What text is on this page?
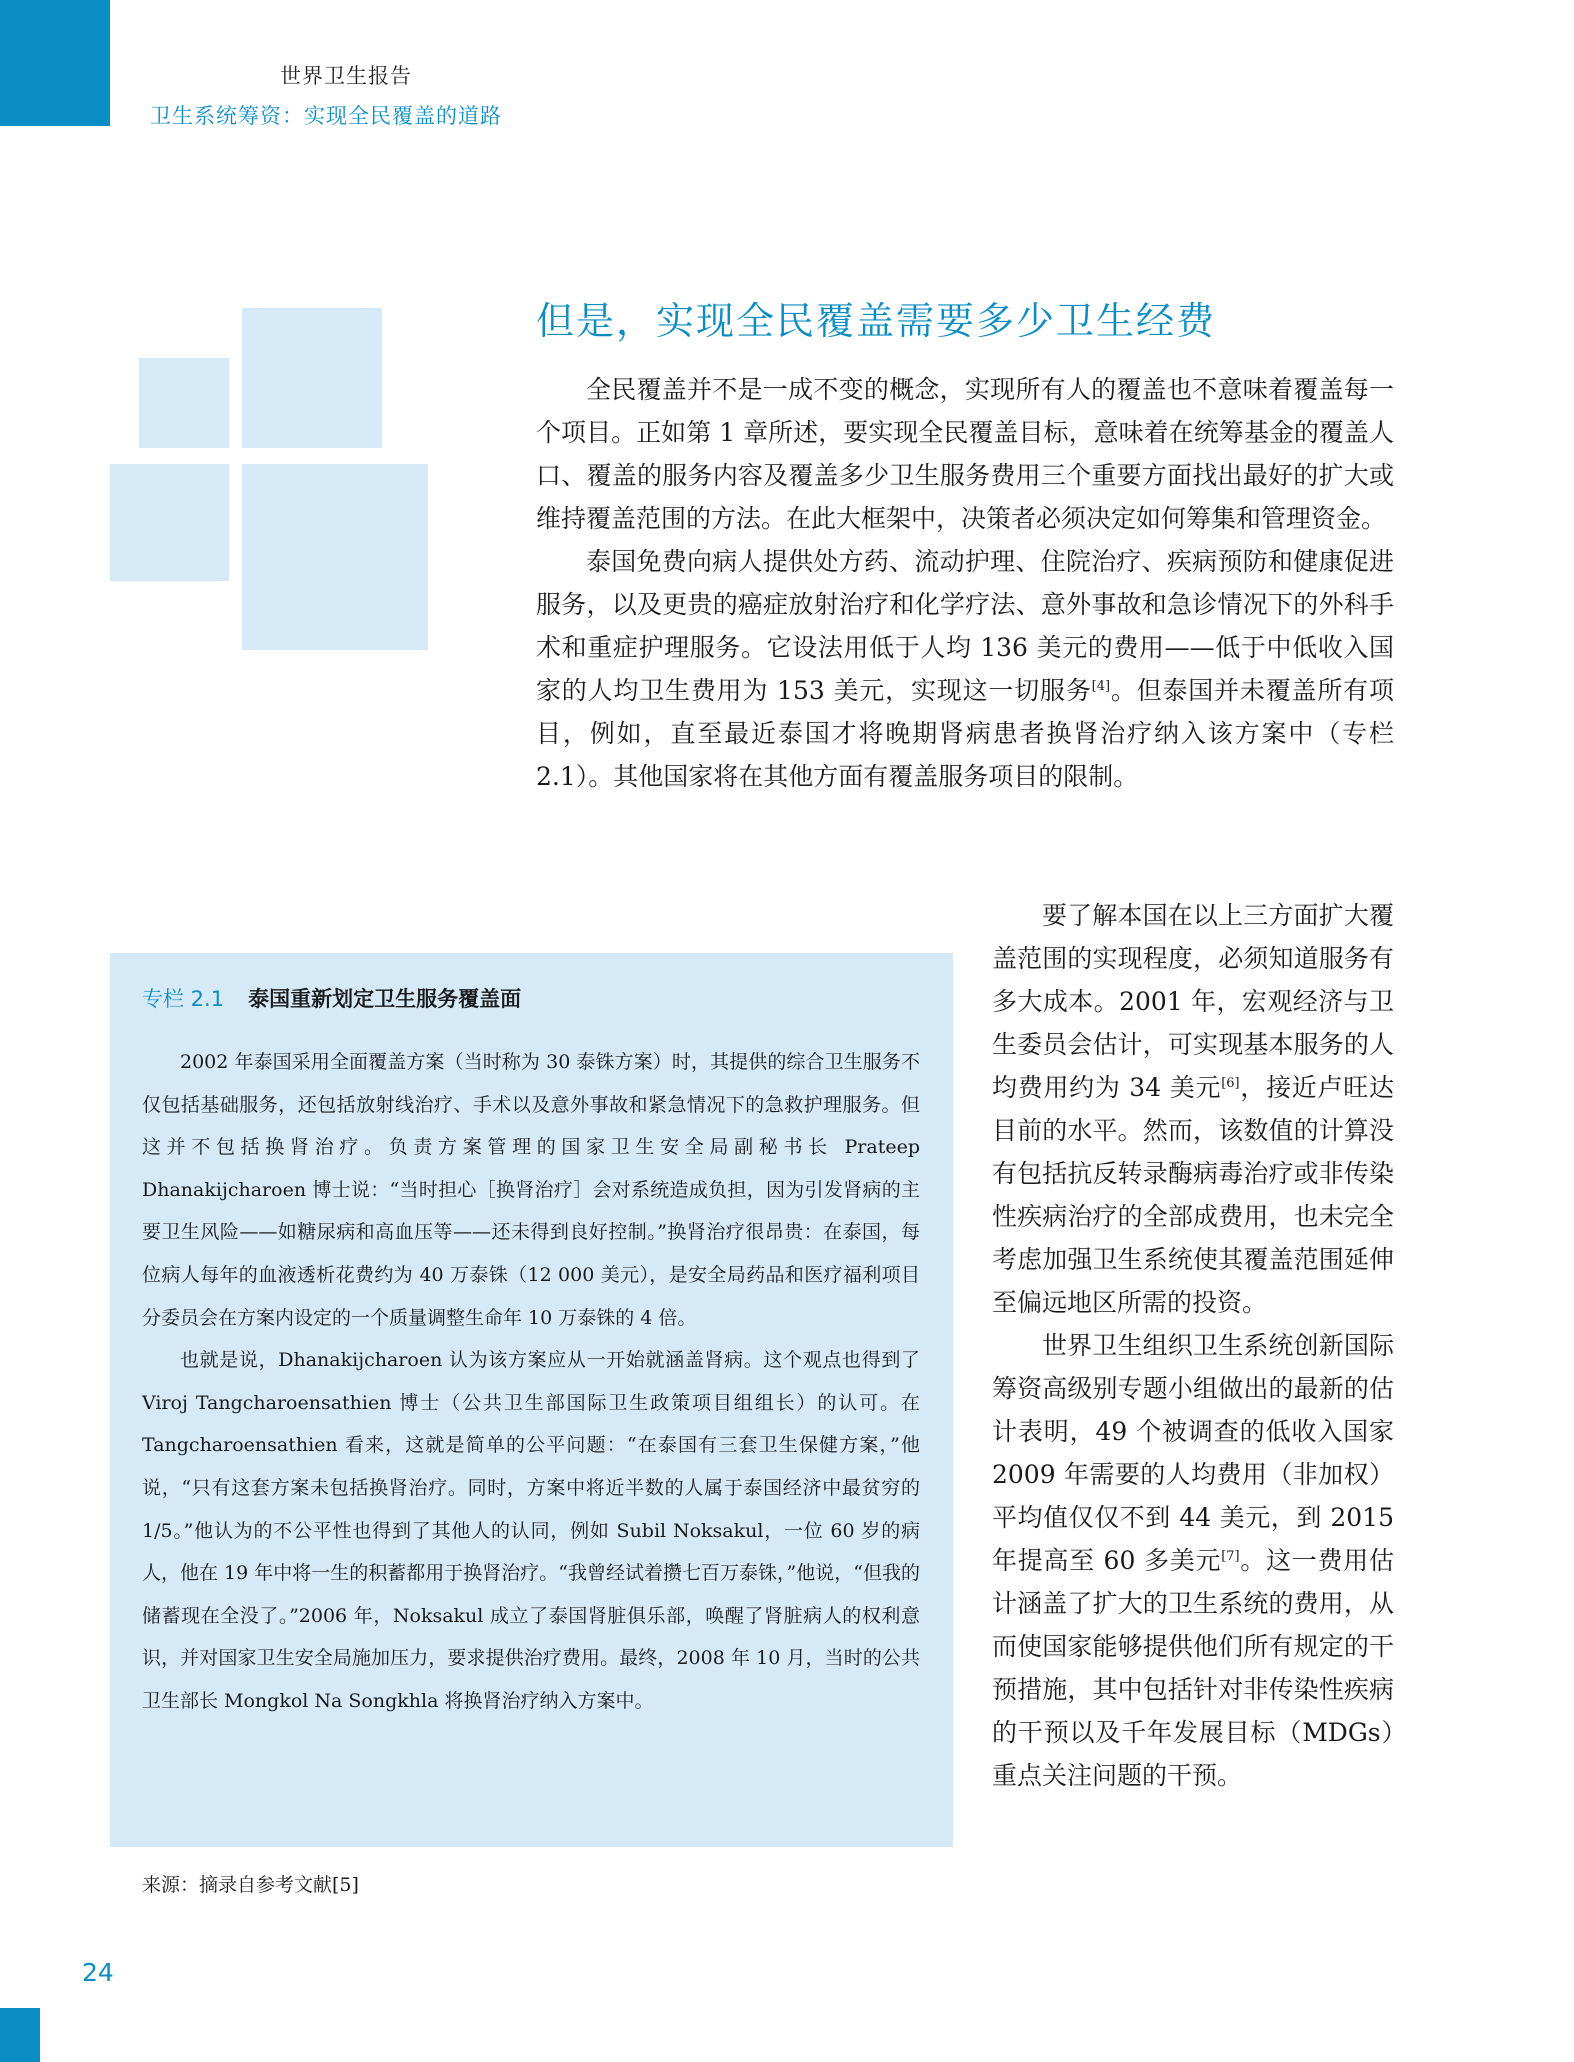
世界卫生报告
卫生系统筹资：实现全民覆盖的道路
但是，实现全民覆盖需要多少卫生经费

全民覆盖并不是一成不变的概念，实现所有人的覆盖也不意味着覆盖每一个项目。正如第 1 章所述，要实现全民覆盖目标，意味着在统筹基金的覆盖人口、覆盖的服务内容及覆盖多少卫生服务费用三个重要方面找出最好的扩大或维持覆盖范围的方法。在此大框架中，决策者必须决定如何筹集和管理资金。

泰国免费向病人提供处方药、流动护理、住院治疗、疾病预防和健康促进服务，以及更贵的癌症放射治疗和化学疗法、意外事故和急诊情况下的外科手术和重症护理服务。它设法用低于人均 136 美元的费用——低于中低收入国家的人均卫生费用为 153 美元，实现这一切服务[4]。但泰国并未覆盖所有项目，例如，直至最近泰国才将晚期肾病患者换肾治疗纳入该方案中（专栏 2.1）。其他国家将在其他方面有覆盖服务项目的限制。

要了解本国在以上三方面扩大覆盖范围的实现程度，必须知道服务有多大成本。2001 年，宏观经济与卫生委员会估计，可实现基本服务的人均费用约为 34 美元[6]，接近卢旺达目前的水平。然而，该数值的计算没有包括抗反转录酶病毒治疗或非传染性疾病治疗的全部成费用，也未完全考虑加强卫生系统使其覆盖范围延伸至偏远地区所需的投资。

世界卫生组织卫生系统创新国际筹资高级别专题小组做出的最新的估计表明，49 个被调查的低收入国家 2009 年需要的人均费用（非加权）平均值仅仅不到 44 美元，到 2015 年提高至 60 多美元[7]。这一费用估计涵盖了扩大的卫生系统的费用，从而使国家能够提供他们所有规定的干预措施，其中包括针对非传染性疾病的干预以及千年发展目标（MDGs）重点关注问题的干预。

专栏 2.1 泰国重新划定卫生服务覆盖面

2002 年泰国采用全面覆盖方案（当时称为 30 泰铢方案）时，其提供的综合卫生服务不仅包括基础服务，还包括放射线治疗、手术以及意外事故和紧急情况下的急救护理服务。但这并不包括换肾治疗。负责方案管理的国家卫生安全局副秘书长 Prateep Dhanakijcharoen 博士说：“当时担心［换肾治疗］会对系统造成负担，因为引发肾病的主要卫生风险——如糖尿病和高血压等——还未得到良好控制。”换肾治疗很昂贵：在泰国，每位病人每年的血液透析花费约为 40 万泰铢（12 000 美元），是安全局药品和医疗福利项目分委员会在方案内设定的一个质量调整生命年 10 万泰铢的 4 倍。

也就是说，Dhanakijcharoen 认为该方案应从一开始就涵盖肾病。这个观点也得到了 Viroj Tangcharoensathien 博士（公共卫生部国际卫生政策项目组组长）的认可。在 Tangcharoensathien 看来，这就是简单的公平问题：“在泰国有三套卫生保健方案，”他说，“只有这套方案未包括换肾治疗。同时，方案中将近半数的人属于泰国经济中最贫穷的 1/5。”他认为的不公平性也得到了其他人的认同，例如 Subil Noksakul，一位 60 岁的病人，他在 19 年中将一生的积蓄都用于换肾治疗。“我曾经试着攒七百万泰铢，”他说，“但我的储蓄现在全没了。”2006 年，Noksakul 成立了泰国肾脏俱乐部，唤醒了肾脏病人的权利意识，并对国家卫生安全局施加压力，要求提供治疗费用。最终，2008 年 10 月，当时的公共卫生部长 Mongkol Na Songkhla 将换肾治疗纳入方案中。

来源：摘录自参考文献[5]
24
